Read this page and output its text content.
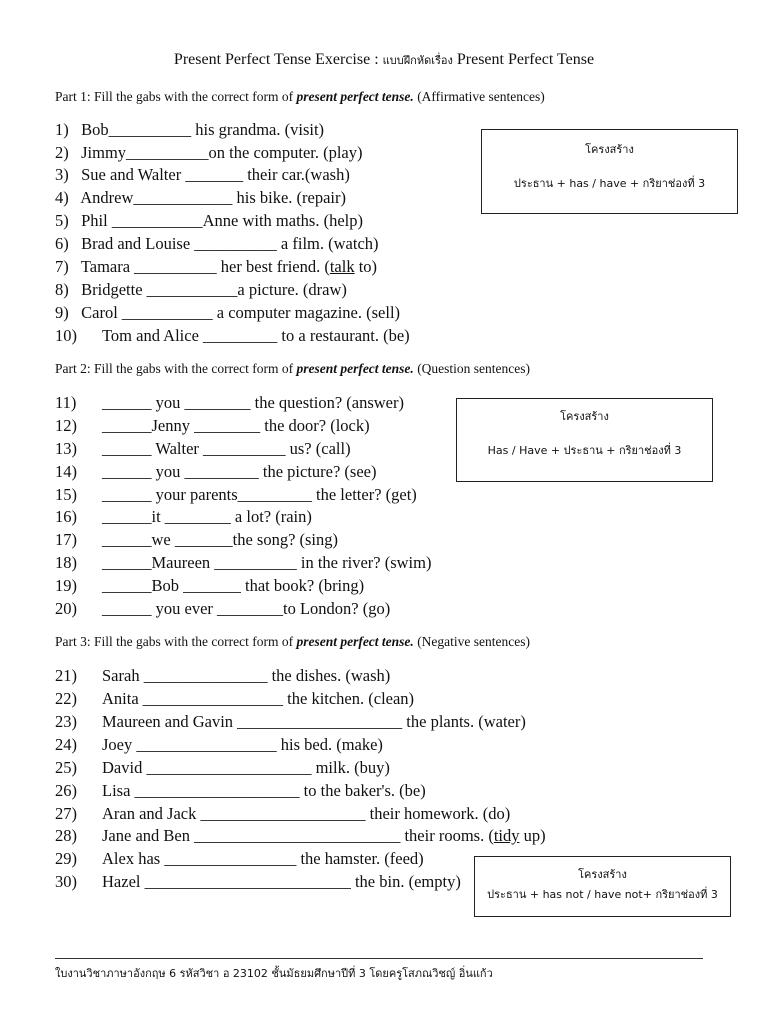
Present Perfect Tense Exercise : แบบฝึกหัดเรื่อง Present Perfect Tense
Part 1: Fill the gabs with the correct form of present perfect tense. (Affirmative sentences)
Part 2: Fill the gabs with the correct form of present perfect tense. (Question sentences)
Part 3: Fill the gabs with the correct form of present perfect tense. (Negative sentences)
1) Bob__________ his grandma. (visit)
2) Jimmy__________on the computer. (play)
3) Sue and Walter _______ their car.(wash)
4) Andrew____________ his bike. (repair)
5) Phil ___________Anne with maths. (help)
6) Brad and Louise __________ a film. (watch)
7) Tamara __________ her best friend. (talk to)
8) Bridgette ___________a picture. (draw)
9) Carol ___________ a computer magazine. (sell)
10) Tom and Alice _________ to a restaurant. (be)
11) ______ you ________ the question? (answer)
12) ______Jenny ________ the door? (lock)
13) ______ Walter __________ us? (call)
14) ______ you _________ the picture? (see)
15) ______ your parents_________ the letter? (get)
16) ______it ________ a lot? (rain)
17) ______we _______the song? (sing)
18) ______Maureen __________ in the river? (swim)
19) ______Bob _______ that book? (bring)
20) ______ you ever ________to London? (go)
21) Sarah _______________ the dishes. (wash)
22) Anita _________________ the kitchen. (clean)
23) Maureen and Gavin ____________________ the plants. (water)
24) Joey _________________ his bed. (make)
25) David ____________________ milk. (buy)
26) Lisa ____________________ to the baker's. (be)
27) Aran and Jack ____________________ their homework. (do)
28) Jane and Ben _________________________ their rooms. (tidy up)
29) Alex has ________________ the hamster. (feed)
30) Hazel _________________________ the bin. (empty)
โครงสร้าง
ประธาน + has / have + กริยาช่องที่ 3
โครงสร้าง
Has / Have + ประธาน + กริยาช่องที่ 3
โครงสร้าง
ประธาน + has not / have not+ กริยาช่องที่ 3
ใบงานวิชาภาษาอังกฤษ 6 รหัสวิชา อ 23102 ชั้นมัธยมศึกษาปีที่ 3 โดยครูโสภณวิชญ์ อิ่นแก้ว
